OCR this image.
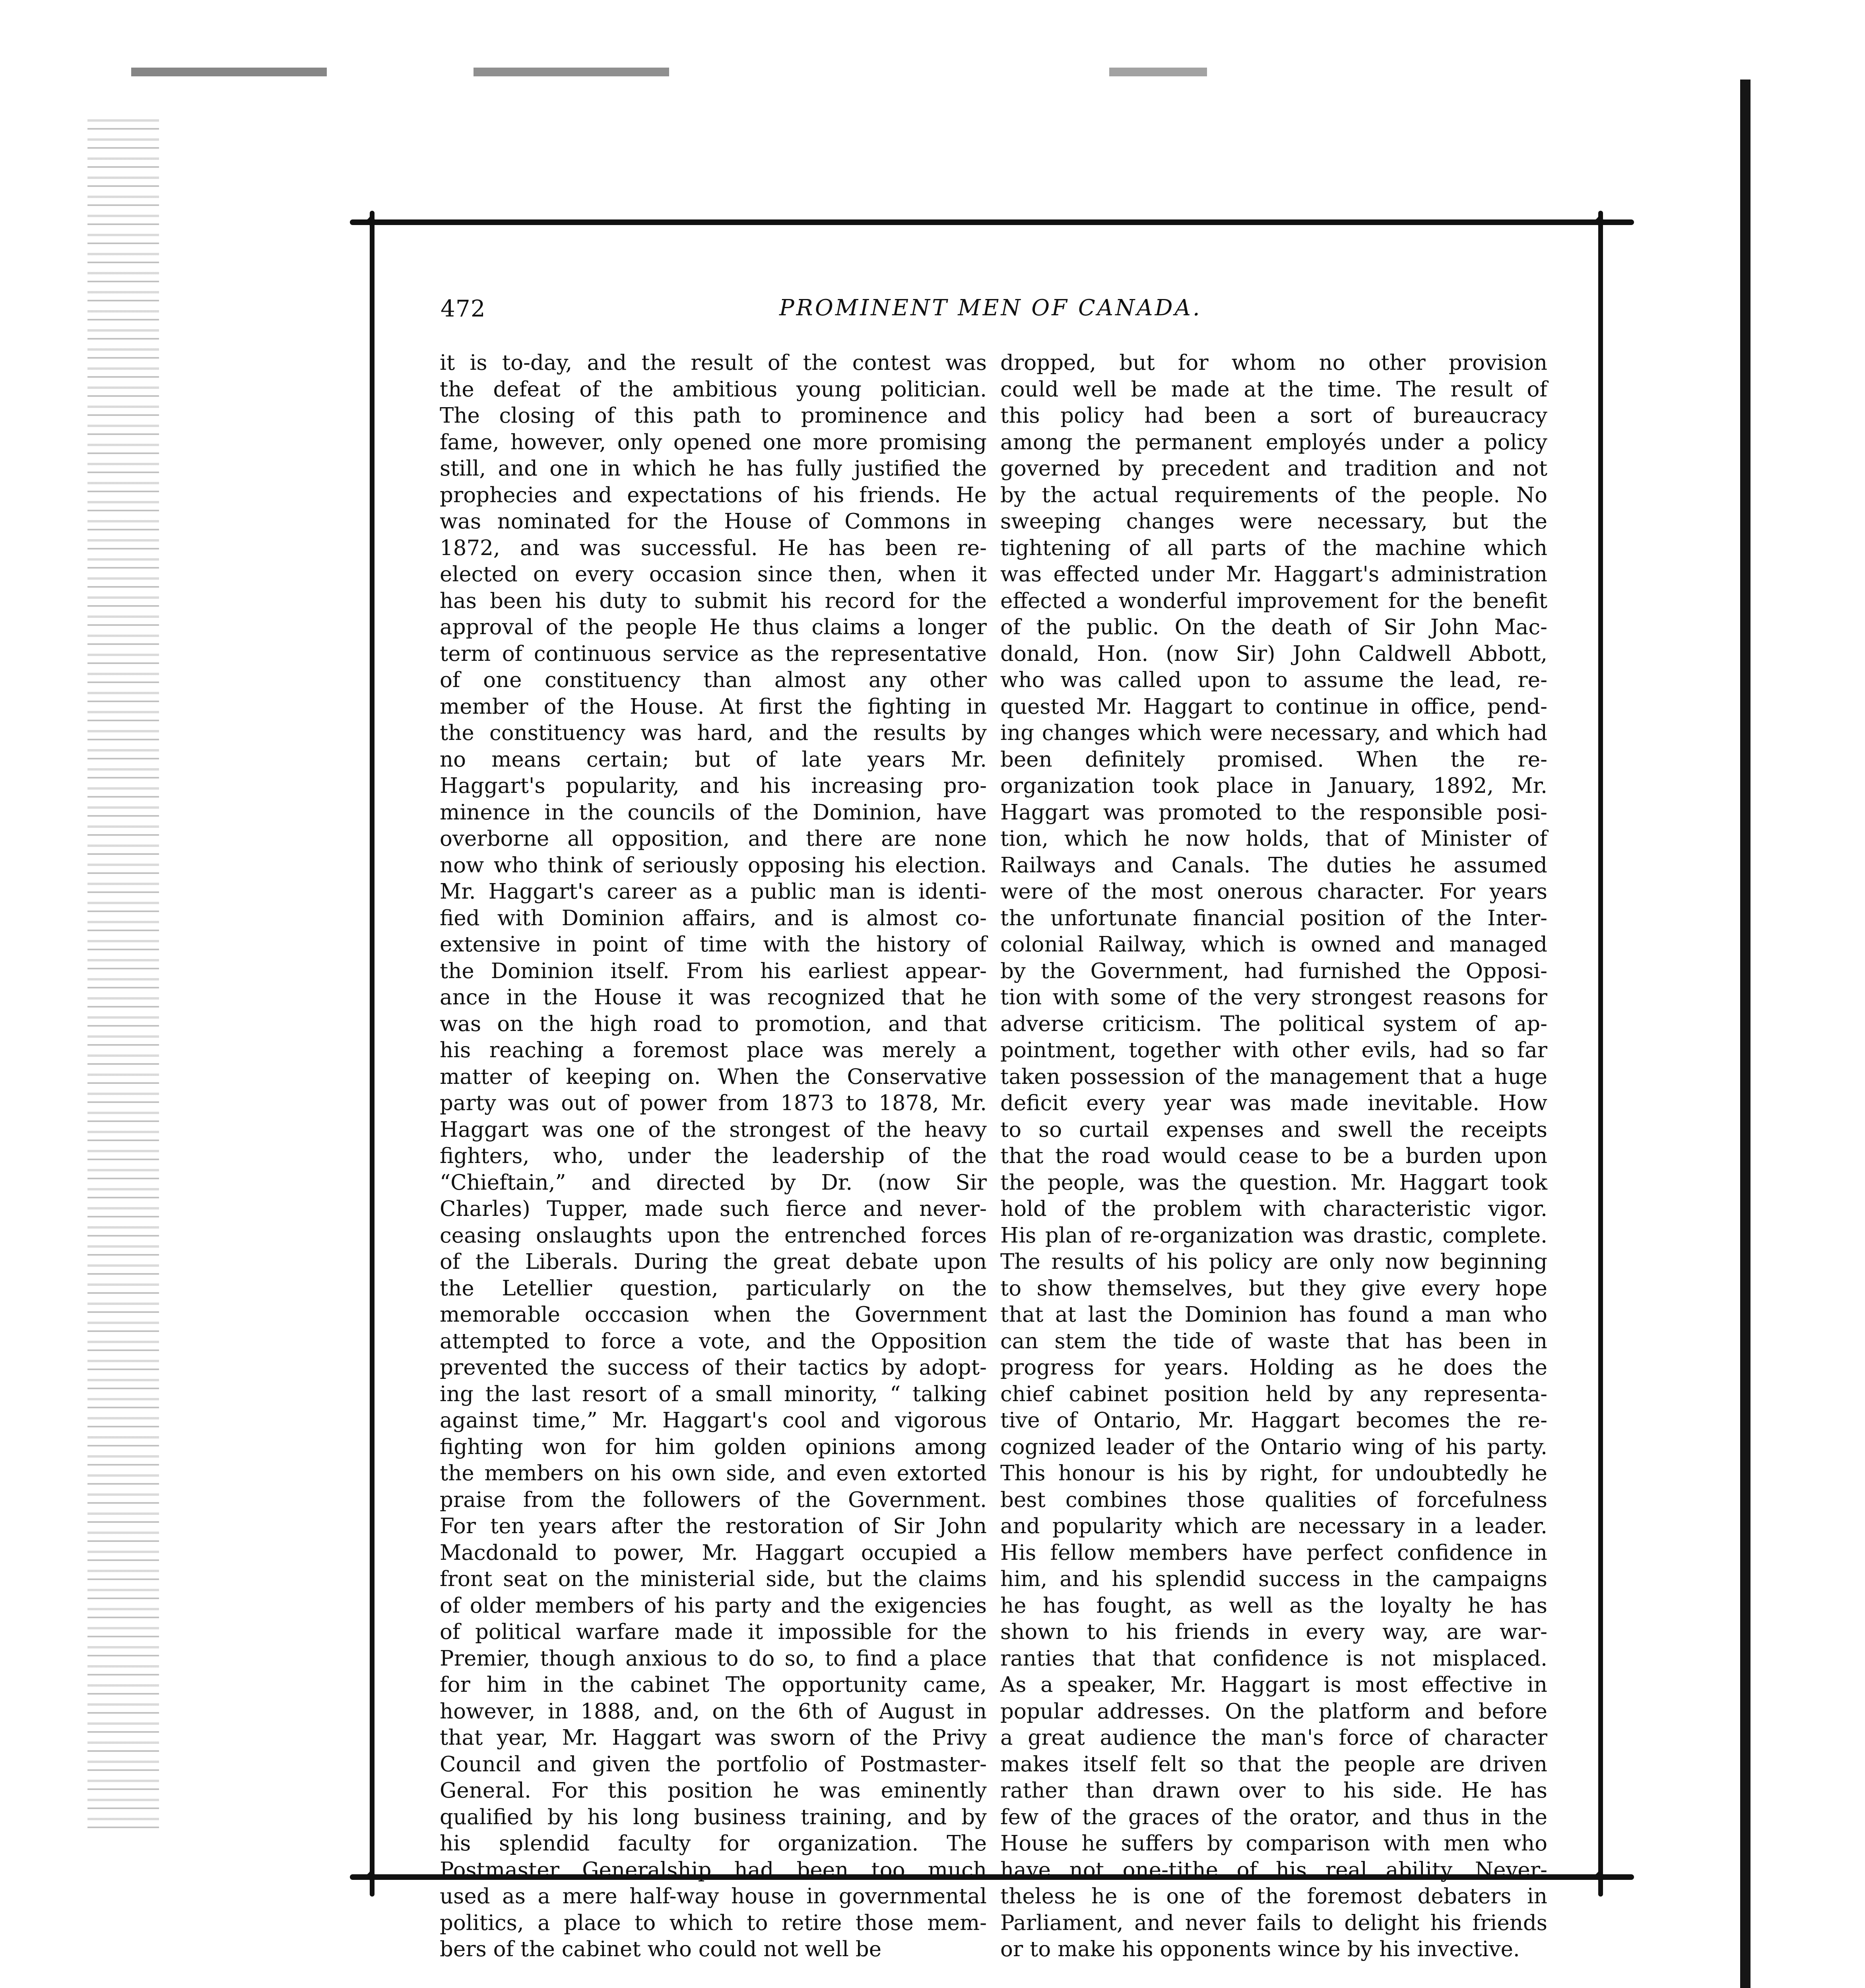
✦	✦
✦	✦
472	PROMINENT MEN OF CANADA.
it is to-day, and the result of the contest was
the defeat of the ambitious young politician.
The closing of this path to prominence and
fame, however, only opened one more promising
still, and one in which he has fully justified the
prophecies and expectations of his friends. He
was nominated for the House of Commons in
1872, and was successful. He has been re-
elected on every occasion since then, when it
has been his duty to submit his record for the
approval of the people He thus claims a longer
term of continuous service as the representative
of one constituency than almost any other
member of the House. At first the fighting in
the constituency was hard, and the results by
no means certain; but of late years Mr.
Haggart's popularity, and his increasing pro-
minence in the councils of the Dominion, have
overborne all opposition, and there are none
now who think of seriously opposing his election.
Mr. Haggart's career as a public man is identi-
fied with Dominion affairs, and is almost co-
extensive in point of time with the history of
the Dominion itself. From his earliest appear-
ance in the House it was recognized that he
was on the high road to promotion, and that
his reaching a foremost place was merely a
matter of keeping on. When the Conservative
party was out of power from 1873 to 1878, Mr.
Haggart was one of the strongest of the heavy
fighters, who, under the leadership of the
“Chieftain,” and directed by Dr. (now Sir
Charles) Tupper, made such fierce and never-
ceasing onslaughts upon the entrenched forces
of the Liberals. During the great debate upon
the Letellier question, particularly on the
memorable occcasion when the Government
attempted to force a vote, and the Opposition
prevented the success of their tactics by adopt-
ing the last resort of a small minority, “ talking
against time,” Mr. Haggart's cool and vigorous
fighting won for him golden opinions among
the members on his own side, and even extorted
praise from the followers of the Government.
For ten years after the restoration of Sir John
Macdonald to power, Mr. Haggart occupied a
front seat on the ministerial side, but the claims
of older members of his party and the exigencies
of political warfare made it impossible for the
Premier, though anxious to do so, to find a place
for him in the cabinet The opportunity came,
however, in 1888, and, on the 6th of August in
that year, Mr. Haggart was sworn of the Privy
Council and given the portfolio of Postmaster-
General. For this position he was eminently
qualified by his long business training, and by
his splendid faculty for organization. The
Postmaster Generalship had been too much
used as a mere half-way house in governmental
politics, a place to which to retire those mem-
bers of the cabinet who could not well be
dropped, but for whom no other provision
could well be made at the time. The result of
this policy had been a sort of bureaucracy
among the permanent employés under a policy
governed by precedent and tradition and not
by the actual requirements of the people. No
sweeping changes were necessary, but the
tightening of all parts of the machine which
was effected under Mr. Haggart's administration
effected a wonderful improvement for the benefit
of the public. On the death of Sir John Mac-
donald, Hon. (now Sir) John Caldwell Abbott,
who was called upon to assume the lead, re-
quested Mr. Haggart to continue in office, pend-
ing changes which were necessary, and which had
been definitely promised. When the re-
organization took place in January, 1892, Mr.
Haggart was promoted to the responsible posi-
tion, which he now holds, that of Minister of
Railways and Canals. The duties he assumed
were of the most onerous character. For years
the unfortunate financial position of the Inter-
colonial Railway, which is owned and managed
by the Government, had furnished the Opposi-
tion with some of the very strongest reasons for
adverse criticism. The political system of ap-
pointment, together with other evils, had so far
taken possession of the management that a huge
deficit every year was made inevitable. How
to so curtail expenses and swell the receipts
that the road would cease to be a burden upon
the people, was the question. Mr. Haggart took
hold of the problem with characteristic vigor.
His plan of re-organization was drastic, complete.
The results of his policy are only now beginning
to show themselves, but they give every hope
that at last the Dominion has found a man who
can stem the tide of waste that has been in
progress for years. Holding as he does the
chief cabinet position held by any representa-
tive of Ontario, Mr. Haggart becomes the re-
cognized leader of the Ontario wing of his party.
This honour is his by right, for undoubtedly he
best combines those qualities of forcefulness
and popularity which are necessary in a leader.
His fellow members have perfect confidence in
him, and his splendid success in the campaigns
he has fought, as well as the loyalty he has
shown to his friends in every way, are war-
ranties that that confidence is not misplaced.
As a speaker, Mr. Haggart is most effective in
popular addresses. On the platform and before
a great audience the man's force of character
makes itself felt so that the people are driven
rather than drawn over to his side. He has
few of the graces of the orator, and thus in the
House he suffers by comparison with men who
have not one-tithe of his real ability. Never-
theless he is one of the foremost debaters in
Parliament, and never fails to delight his friends
or to make his opponents wince by his invective.
